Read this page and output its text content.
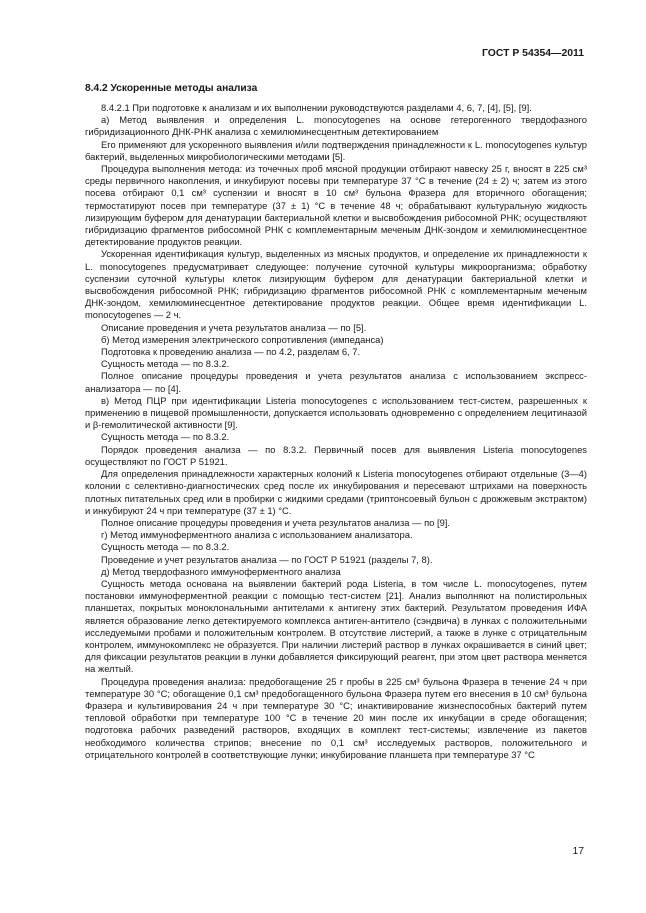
ГОСТ Р 54354—2011
8.4.2 Ускоренные методы анализа

8.4.2.1 При подготовке к анализам и их выполнении руководствуются разделами 4, 6, 7, [4], [5], [9].

а) Метод выявления и определения L. monocytogenes на основе гетерогенного твердофазного гибридизационного ДНК-РНК анализа с хемилюминесцентным детектированием

Его применяют для ускоренного выявления и/или подтверждения принадлежности к L. monocytogenes культур бактерий, выделенных микробиологическими методами [5].

Процедура выполнения метода: из точечных проб мясной продукции отбирают навеску 25 г, вносят в 225 см³ среды первичного накопления, и инкубируют посевы при температуре 37 °С в течение (24 ± 2) ч; затем из этого посева отбирают 0,1 см³ суспензии и вносят в 10 см³ бульона Фразера для вторичного обогащения; термостатируют посев при температуре (37 ± 1) °С в течение 48 ч; обрабатывают культуральную жидкость лизирующим буфером для денатурации бактериальной клетки и высвобождения рибосомной РНК; осуществляют гибридизацию фрагментов рибосомной РНК с комплементарным меченым ДНК-зондом и хемилюминесцентное детектирование продуктов реакции.

Ускоренная идентификация культур, выделенных из мясных продуктов, и определение их принадлежности к L. monocytogenes предусматривает следующее: получение суточной культуры микроорганизма; обработку суспензии суточной культуры клеток лизирующим буфером для денатурации бактериальной клетки и высвобождения рибосомной РНК; гибридизацию фрагментов рибосомной РНК с комплементарным меченым ДНК-зондом, хемилюминесцентное детектирование продуктов реакции. Общее время идентификации L. monocytogenes — 2 ч.

Описание проведения и учета результатов анализа — по [5].

б) Метод измерения электрического сопротивления (импеданса)

Подготовка к проведению анализа — по 4.2, разделам 6, 7.

Сущность метода — по 8.3.2.

Полное описание процедуры проведения и учета результатов анализа с использованием экспресс-анализатора — по [4].

в) Метод ПЦР при идентификации Listeria monocytogenes с использованием тест-систем, разрешенных к применению в пищевой промышленности, допускается использовать одновременно с определением лецитиназой и β-гемолитической активности [9].

Сущность метода — по 8.3.2.

Порядок проведения анализа — по 8.3.2. Первичный посев для выявления Listeria monocytogenes осуществляют по ГОСТ Р 51921.

Для определения принадлежности характерных колоний к Listeria monocytogenes отбирают отдельные (3—4) колонии с селективно-диагностических сред после их инкубирования и пересевают штрихами на поверхность плотных питательных сред или в пробирки с жидкими средами (триптонсоевый бульон с дрожжевым экстрактом) и инкубируют 24 ч при температуре (37 ± 1) °С.

Полное описание процедуры проведения и учета результатов анализа — по [9].

г) Метод иммуноферментного анализа с использованием анализатора.

Сущность метода — по 8.3.2.

Проведение и учет результатов анализа — по ГОСТ Р 51921 (разделы 7, 8).

д) Метод твердофазного иммуноферментного анализа

Сущность метода основана на выявлении бактерий рода Listeria, в том числе L. monocytogenes, путем постановки иммуноферментной реакции с помощью тест-систем [21]. Анализ выполняют на полистирольных планшетах, покрытых моноклональными антителами к антигену этих бактерий. Результатом проведения ИФА является образование легко детектируемого комплекса антиген-антитело (сэндвича) в лунках с положительными исследуемыми пробами и положительным контролем. В отсутствие листерий, а также в лунке с отрицательным контролем, иммунокомплекс не образуется. При наличии листерий раствор в лунках окрашивается в синий цвет; для фиксации результатов реакции в лунки добавляется фиксирующий реагент, при этом цвет раствора меняется на желтый.

Процедура проведения анализа: предобогащение 25 г пробы в 225 см³ бульона Фразера в течение 24 ч при температуре 30 °С; обогащение 0,1 см³ предобогащенного бульона Фразера путем его внесения в 10 см³ бульона Фразера и культивирования 24 ч при температуре 30 °С; инактивирование жизнеспособных бактерий путем тепловой обработки при температуре 100 °С в течение 20 мин после их инкубации в среде обогащения; подготовка рабочих разведений растворов, входящих в комплект тест-системы; извлечение из пакетов необходимого количества стрипов; внесение по 0,1 см³ исследуемых растворов, положительного и отрицательного контролей в соответствующие лунки; инкубирование планшета при температуре 37 °С

17
